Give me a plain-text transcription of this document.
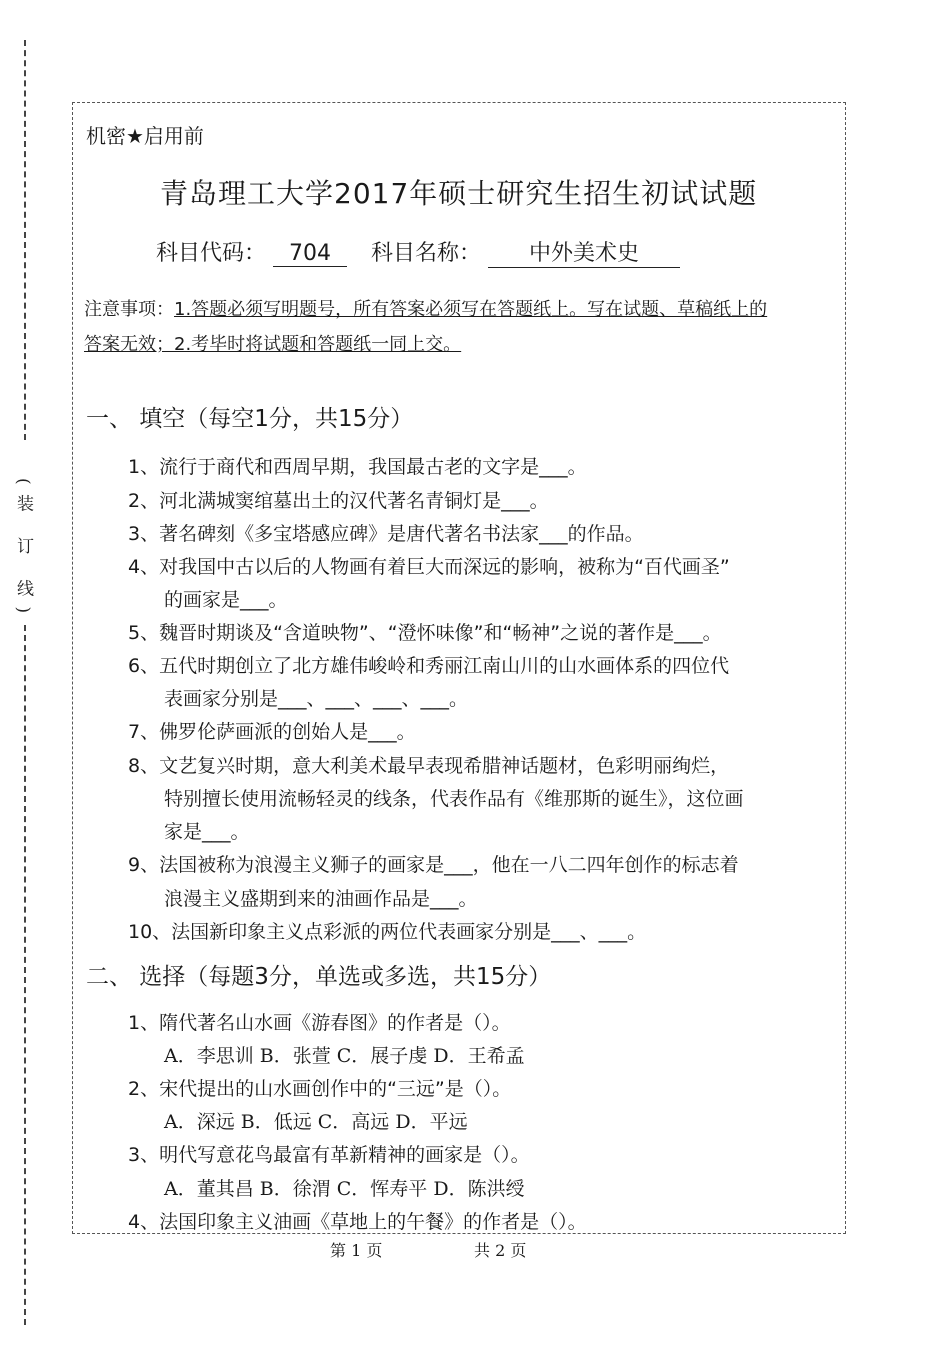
(装 订 线)
机密★启用前
青岛理工大学2017年硕士研究生招生初试试题
科目代码： 704 科目名称： 中外美术史
注意事项：1.答题必须写明题号，所有答案必须写在答题纸上。写在试题、草稿纸上的
答案无效；2.考毕时将试题和答题纸一同上交。
一、 填空（每空1分，共15分）
1、流行于商代和西周早期，我国最古老的文字是___。
2、河北满城窦绾墓出土的汉代著名青铜灯是___。
3、著名碑刻《多宝塔感应碑》是唐代著名书法家___的作品。
4、对我国中古以后的人物画有着巨大而深远的影响，被称为“百代画圣”
的画家是___。
5、魏晋时期谈及“含道映物”、“澄怀味像”和“畅神”之说的著作是___。
6、五代时期创立了北方雄伟峻岭和秀丽江南山川的山水画体系的四位代
表画家分别是___、___、___、___。
7、佛罗伦萨画派的创始人是___。
8、文艺复兴时期，意大利美术最早表现希腊神话题材，色彩明丽绚烂，
特别擅长使用流畅轻灵的线条，代表作品有《维那斯的诞生》，这位画
家是___。
9、法国被称为浪漫主义狮子的画家是___，他在一八二四年创作的标志着
浪漫主义盛期到来的油画作品是___。
10、法国新印象主义点彩派的两位代表画家分别是___、___。
二、 选择（每题3分，单选或多选，共15分）
1、隋代著名山水画《游春图》的作者是（）。
A．李思训 B．张萱 C．展子虔 D．王希孟
2、宋代提出的山水画创作中的“三远”是（）。
A．深远 B．低远 C．高远 D．平远
3、明代写意花鸟最富有革新精神的画家是（）。
A．董其昌 B．徐渭 C．恽寿平 D．陈洪绶
4、法国印象主义油画《草地上的午餐》的作者是（）。
第 1 页	共 2 页
